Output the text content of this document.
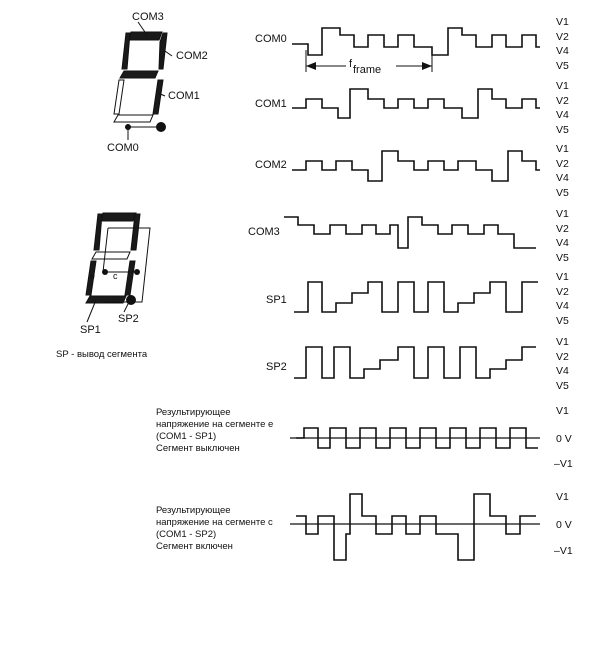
COM3
COM2
COM1
COM0
e c
SP1
SP2
SP - вывод сегмента
COM0
f frame
V1
V2
V4
V5
COM1
V1
V2
V4
V5
COM2
V1
V2
V4
V5
COM3
V1
V2
V4
V5
SP1
V1
V2
V4
V5
SP2
V1
V2
V4
V5
Результирующее
напряжение на сегменте е
(COM1 - SP1)
Сегмент выключен
V1
0 V
–V1
Результирующее
напряжение на сегменте с
(COM1 - SP2)
Сегмент включен
V1
0 V
–V1
